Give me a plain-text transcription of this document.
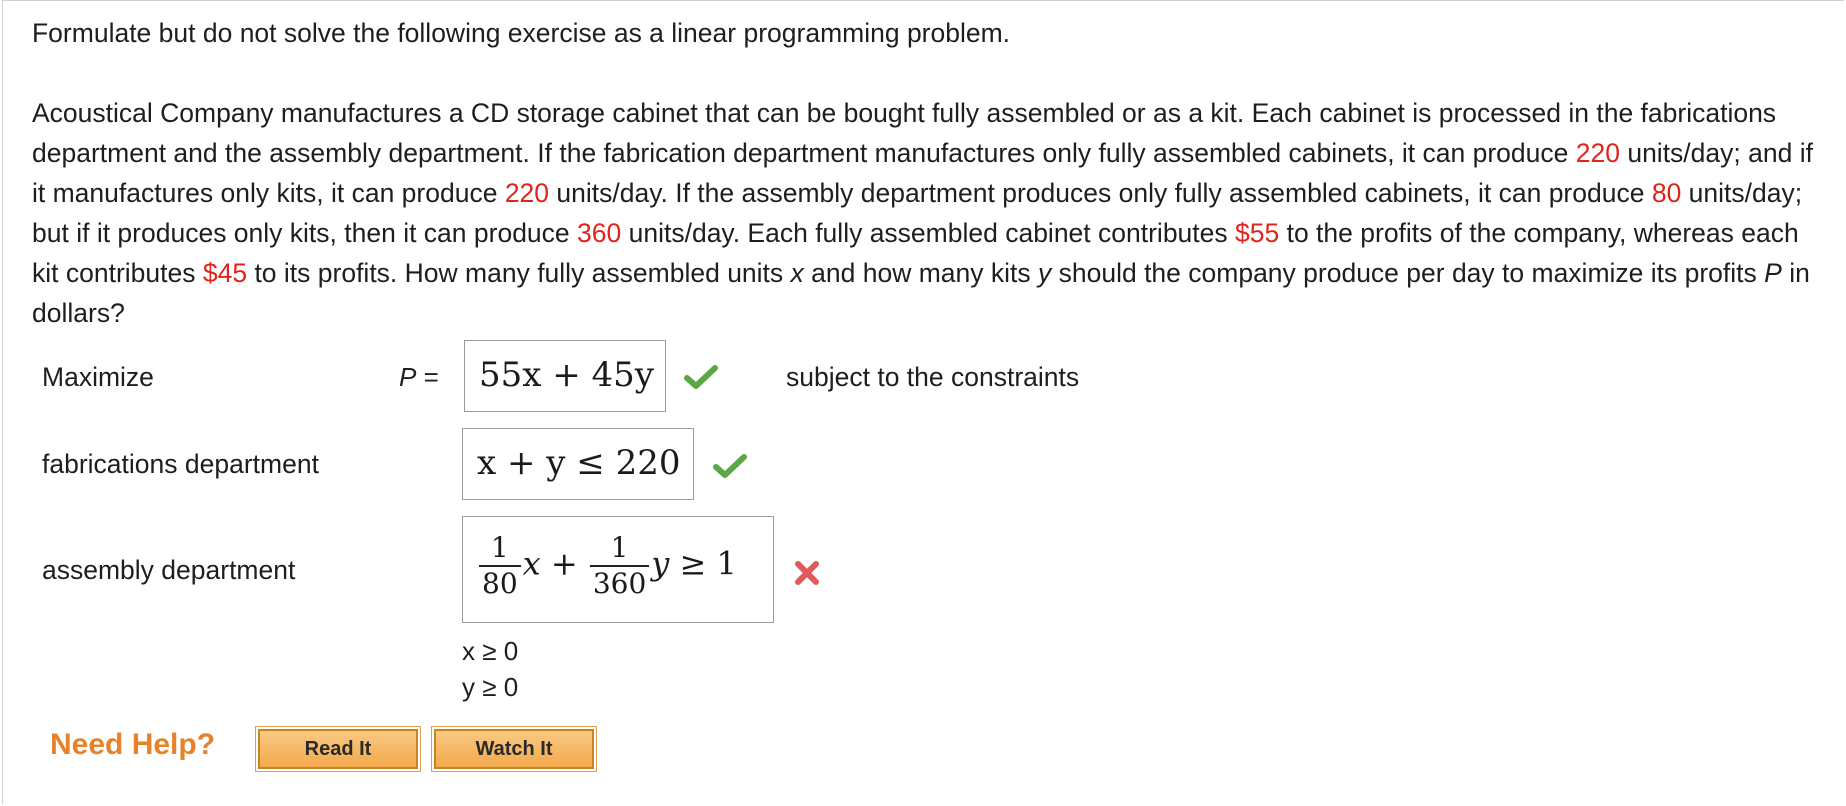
Formulate but do not solve the following exercise as a linear programming problem.

Acoustical Company manufactures a CD storage cabinet that can be bought fully assembled or as a kit. Each cabinet is processed in the fabrications department and the assembly department. If the fabrication department manufactures only fully assembled cabinets, it can produce 220 units/day; and if it manufactures only kits, it can produce 220 units/day. If the assembly department produces only fully assembled cabinets, it can produce 80 units/day; but if it produces only kits, then it can produce 360 units/day. Each fully assembled cabinet contributes $55 to the profits of the company, whereas each kit contributes $45 to its profits. How many fully assembled units x and how many kits y should the company produce per day to maximize its profits P in dollars?

Maximize	P = 55x + 45y	subject to the constraints
fabrications department	x + y ≤ 220
assembly department	$\frac{1}{80}$ $x + \frac{1}{360}$ y ≥ 1
x ≥ 0
y ≥ 0
Need Help?	Read It	Watch It
